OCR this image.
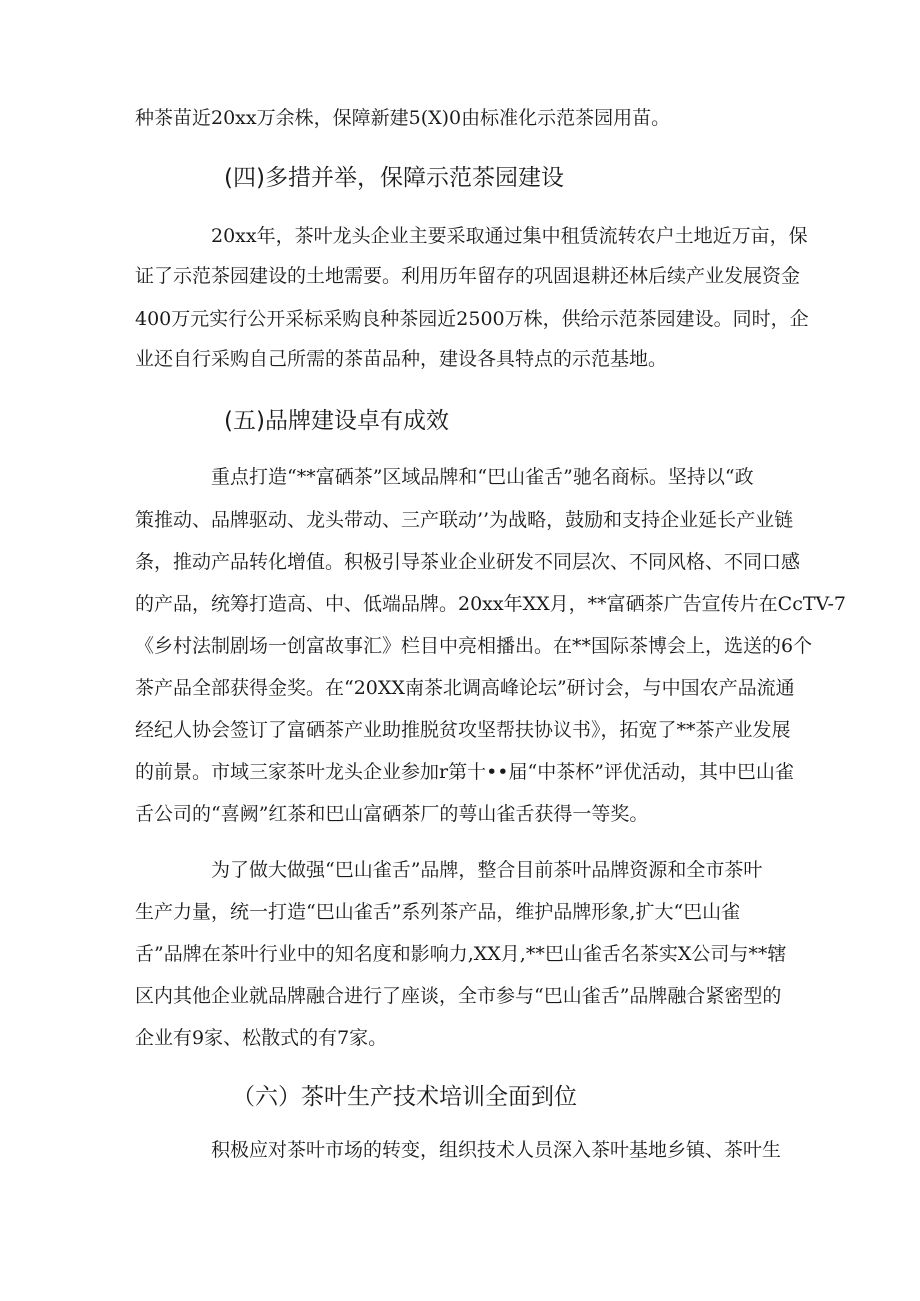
种茶苗近20xx万余株，保障新建5(X)0由标准化示范茶园用苗。

(四)多措并举，保障示范茶园建设

20xx年，茶叶龙头企业主要采取通过集中租赁流转农户土地近万亩，保

证了示范茶园建设的土地需要。利用历年留存的巩固退耕还林后续产业发展资金

400万元实行公开采标采购良种茶园近2500万株，供给示范茶园建设。同时，企

业还自行采购自己所需的茶苗品种，建设各具特点的示范基地。

(五)品牌建设卓有成效

重点打造“**富硒茶”区域品牌和“巴山雀舌”驰名商标。坚持以“政

策推动、品牌驱动、龙头带动、三产联动’’为战略，鼓励和支持企业延长产业链

条，推动产品转化增值。积极引导茶业企业研发不同层次、不同风格、不同口感

的产品，统筹打造高、中、低端品牌。20xx年XX月，**富硒茶广告宣传片在CcTV-7

《乡村法制剧场一创富故事汇》栏目中亮相播出。在**国际茶博会上，选送的6个

茶产品全部获得金奖。在“20XX南茶北调高峰论坛”研讨会，与中国农产品流通

经纪人协会签订了富硒茶产业助推脱贫攻坚帮扶协议书》，拓宽了**茶产业发展

的前景。市域三家茶叶龙头企业参加r第十••届“中茶杯”评优活动，其中巴山雀

舌公司的“喜阙”红茶和巴山富硒茶厂的萼山雀舌获得一等奖。

为了做大做强“巴山雀舌”品牌，整合目前茶叶品牌资源和全市茶叶

生产力量，统一打造“巴山雀舌”系列茶产品，维护品牌形象,扩大“巴山雀

舌”品牌在茶叶行业中的知名度和影响力,XX月,**巴山雀舌名茶实X公司与**辖

区内其他企业就品牌融合进行了座谈，全市参与“巴山雀舌”品牌融合紧密型的

企业有9家、松散式的有7家。

（六）茶叶生产技术培训全面到位

积极应对茶叶市场的转变，组织技术人员深入茶叶基地乡镇、茶叶生
